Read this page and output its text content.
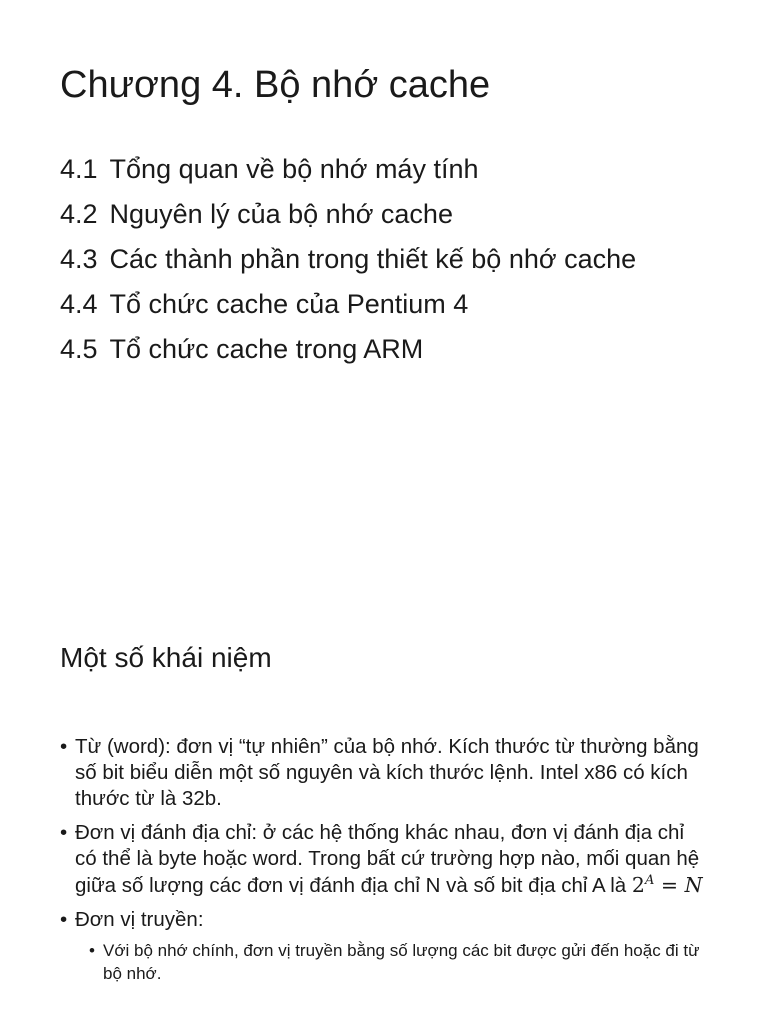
Chương 4. Bộ nhớ cache
4.1 Tổng quan về bộ nhớ máy tính
4.2 Nguyên lý của bộ nhớ cache
4.3 Các thành phần trong thiết kế bộ nhớ cache
4.4 Tổ chức cache của Pentium 4
4.5 Tổ chức cache trong ARM
Một số khái niệm
• Từ (word): đơn vị “tự nhiên” của bộ nhớ. Kích thước từ thường bằng số bit biểu diễn một số nguyên và kích thước lệnh. Intel x86 có kích thước từ là 32b.
• Đơn vị đánh địa chỉ: ở các hệ thống khác nhau, đơn vị đánh địa chỉ có thể là byte hoặc word. Trong bất cứ trường hợp nào, mối quan hệ giữa số lượng các đơn vị đánh địa chỉ N và số bit địa chỉ A là $2^A = N$
• Đơn vị truyền:
• Với bộ nhớ chính, đơn vị truyền bằng số lượng các bit được gửi đến hoặc đi từ bộ nhớ.
